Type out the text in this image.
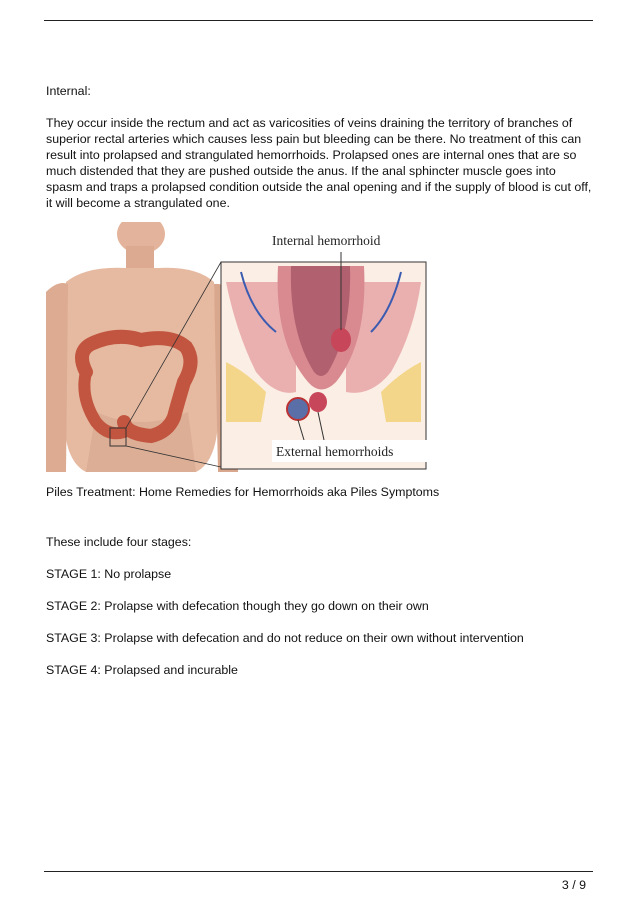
Internal:
They occur inside the rectum and act as varicosities of veins draining the territory of branches of superior rectal arteries which causes less pain but bleeding can be there. No treatment of this can result into prolapsed and strangulated hemorrhoids. Prolapsed ones are internal ones that are so much distended that they are pushed outside the anus. If the anal sphincter muscle goes into spasm and traps a prolapsed condition outside the anal opening and if the supply of blood is cut off, it will become a strangulated one.
Internal hemorrhoid
External hemorrhoids
Piles Treatment: Home Remedies for Hemorrhoids aka Piles Symptoms
These include four stages:
STAGE 1: No prolapse
STAGE 2: Prolapse with defecation though they go down on their own
STAGE 3: Prolapse with defecation and do not reduce on their own without intervention
STAGE 4: Prolapsed and incurable
3 / 9
